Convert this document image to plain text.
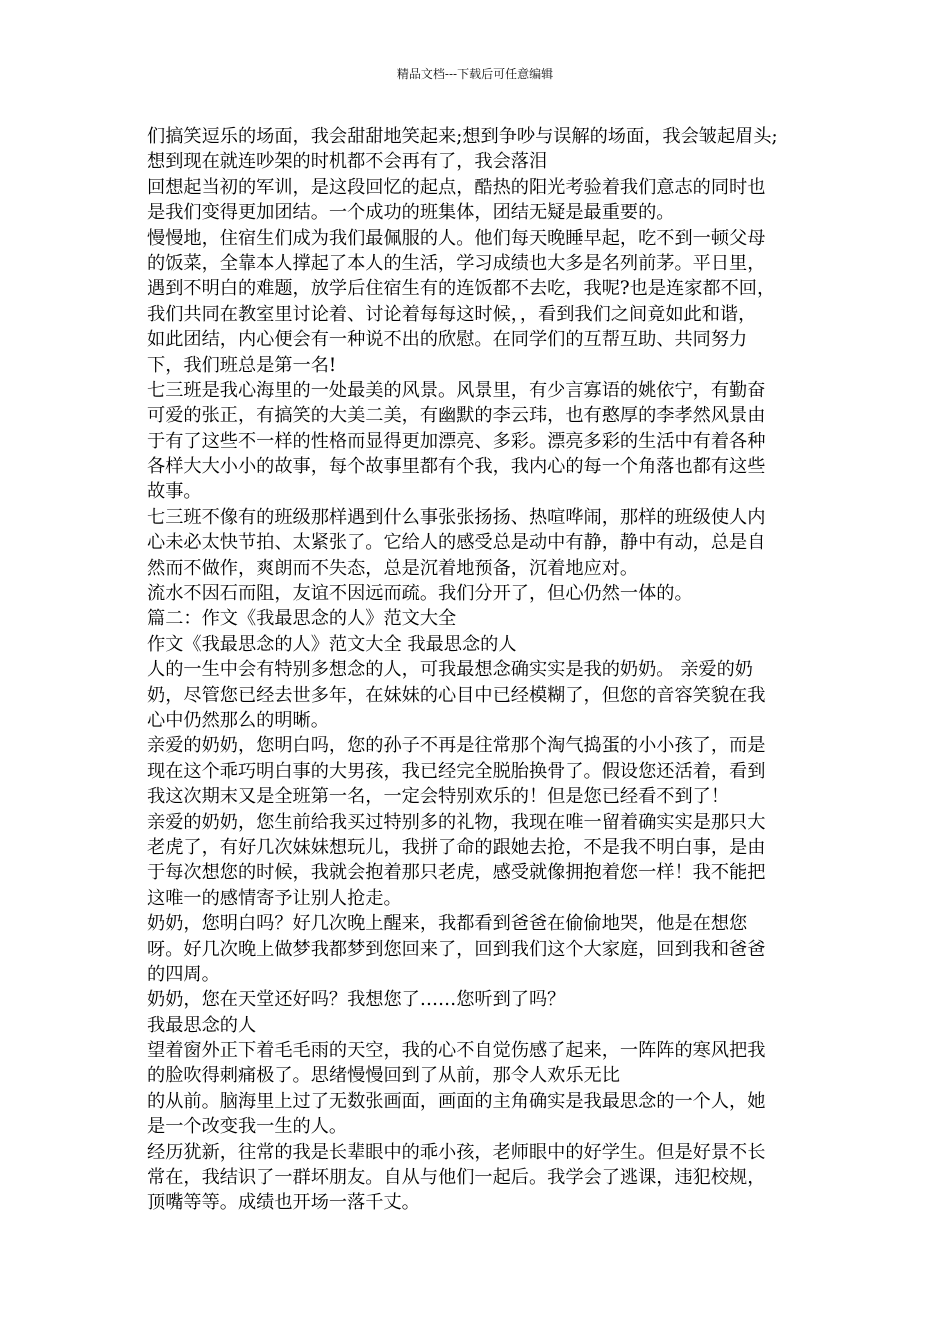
精品文档---下载后可任意编辑
们搞笑逗乐的场面，我会甜甜地笑起来;想到争吵与误解的场面，我会皱起眉头;
想到现在就连吵架的时机都不会再有了，我会落泪
回想起当初的军训，是这段回忆的起点，酷热的阳光考验着我们意志的同时也
是我们变得更加团结。一个成功的班集体，团结无疑是最重要的。
慢慢地，住宿生们成为我们最佩服的人。他们每天晚睡早起，吃不到一顿父母
的饭菜，全靠本人撑起了本人的生活，学习成绩也大多是名列前茅。平日里，
遇到不明白的难题，放学后住宿生有的连饭都不去吃，我呢?也是连家都不回，
我们共同在教室里讨论着、讨论着每每这时候，，看到我们之间竟如此和谐，
如此团结，内心便会有一种说不出的欣慰。在同学们的互帮互助、共同努力
下，我们班总是第一名!
七三班是我心海里的一处最美的风景。风景里，有少言寡语的姚依宁，有勤奋
可爱的张正，有搞笑的大美二美，有幽默的李云玮，也有憨厚的李孝然风景由
于有了这些不一样的性格而显得更加漂亮、多彩。漂亮多彩的生活中有着各种
各样大大小小的故事，每个故事里都有个我，我内心的每一个角落也都有这些
故事。
七三班不像有的班级那样遇到什么事张张扬扬、热喧哗闹，那样的班级使人内
心未必太快节拍、太紧张了。它给人的感受总是动中有静，静中有动，总是自
然而不做作，爽朗而不失态，总是沉着地预备，沉着地应对。
流水不因石而阻，友谊不因远而疏。我们分开了，但心仍然一体的。
篇二：作文《我最思念的人》范文大全
作文《我最思念的人》范文大全 我最思念的人
人的一生中会有特别多想念的人，可我最想念确实实是我的奶奶。 亲爱的奶
奶，尽管您已经去世多年，在妹妹的心目中已经模糊了，但您的音容笑貌在我
心中仍然那么的明晰。
亲爱的奶奶，您明白吗，您的孙子不再是往常那个淘气捣蛋的小小孩了，而是
现在这个乖巧明白事的大男孩，我已经完全脱胎换骨了。假设您还活着，看到
我这次期末又是全班第一名，一定会特别欢乐的！但是您已经看不到了！
亲爱的奶奶，您生前给我买过特别多的礼物，我现在唯一留着确实实是那只大
老虎了，有好几次妹妹想玩儿，我拼了命的跟她去抢，不是我不明白事，是由
于每次想您的时候，我就会抱着那只老虎，感受就像拥抱着您一样！我不能把
这唯一的感情寄予让别人抢走。
奶奶，您明白吗？好几次晚上醒来，我都看到爸爸在偷偷地哭，他是在想您
呀。好几次晚上做梦我都梦到您回来了，回到我们这个大家庭，回到我和爸爸
的四周。
奶奶，您在天堂还好吗？我想您了……您听到了吗？
我最思念的人
望着窗外正下着毛毛雨的天空，我的心不自觉伤感了起来，一阵阵的寒风把我
的脸吹得刺痛极了。思绪慢慢回到了从前，那令人欢乐无比
的从前。脑海里上过了无数张画面，画面的主角确实是我最思念的一个人，她
是一个改变我一生的人。
经历犹新，往常的我是长辈眼中的乖小孩，老师眼中的好学生。但是好景不长
常在，我结识了一群坏朋友。自从与他们一起后。我学会了逃课，违犯校规，
顶嘴等等。成绩也开场一落千丈。
